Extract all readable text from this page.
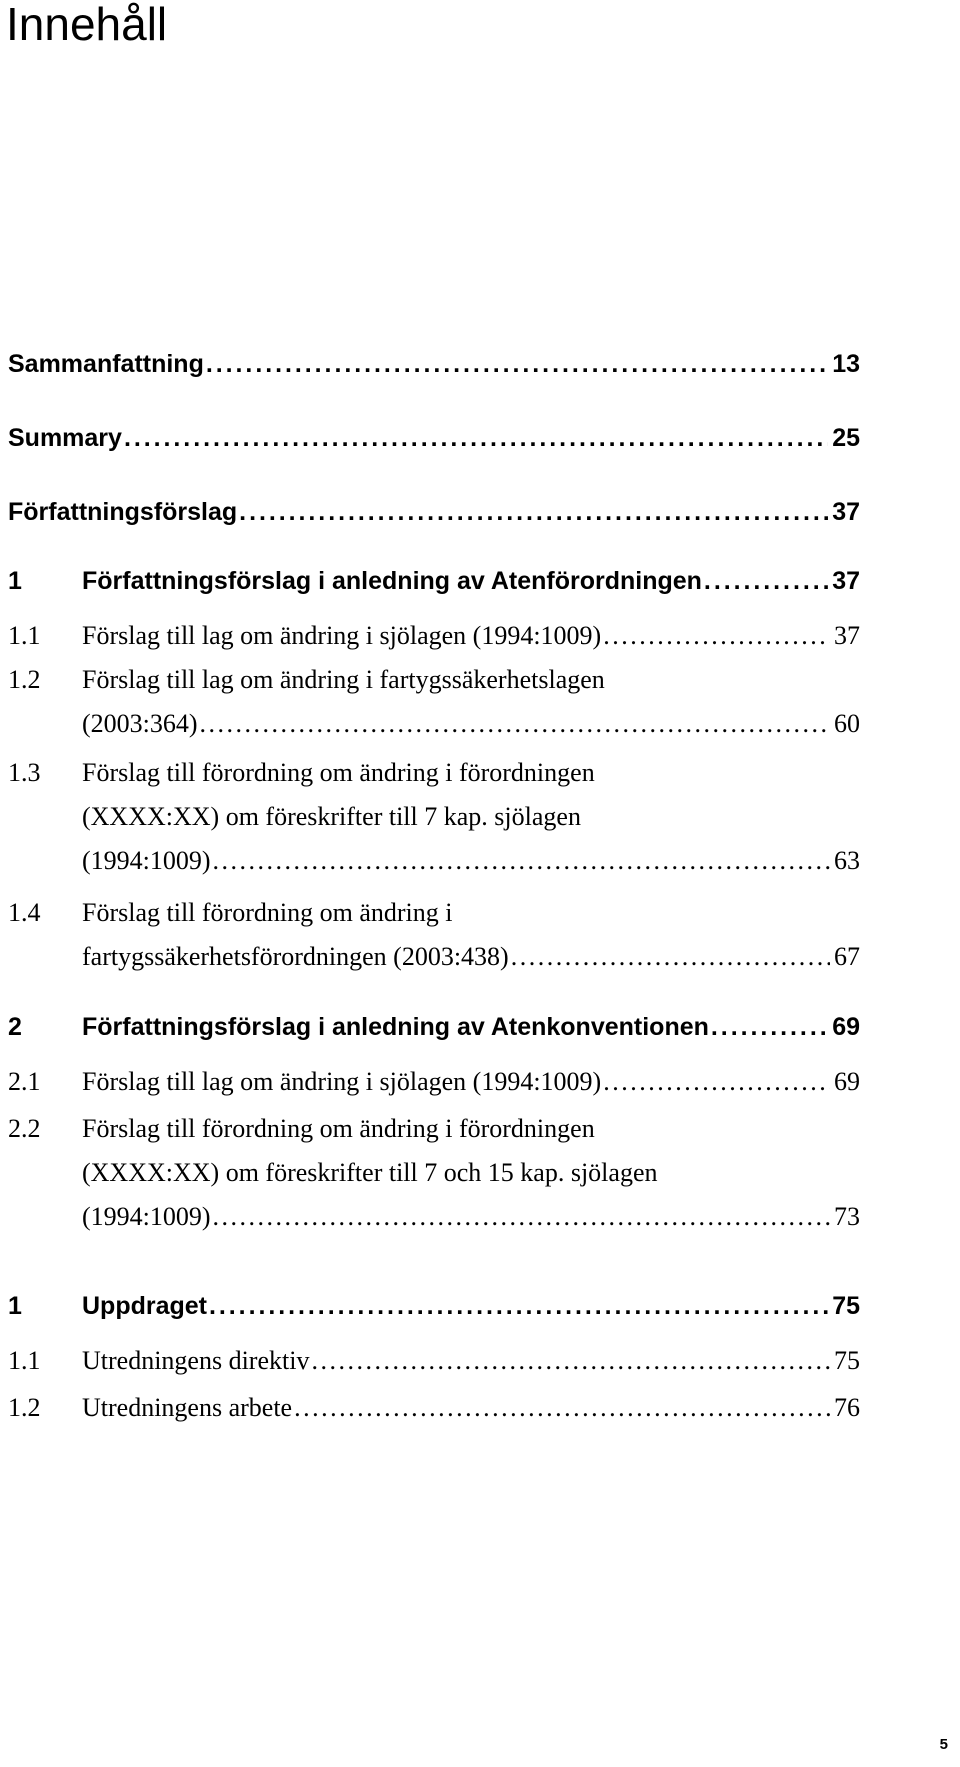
Innehåll
Sammanfattning . . .	13
Summary . . .	25
Författningsförslag . . .	37
1	Författningsförslag i anledning av Atenförordningen . . .	37
1.1	Förslag till lag om ändring i sjölagen (1994:1009) . . .	37
1.2	Förslag till lag om ändring i fartygssäkerhetslagen
(2003:364) . . .	60
1.3	Förslag till förordning om ändring i förordningen
(XXXX:XX) om föreskrifter till 7 kap. sjölagen
(1994:1009) . . .	63
1.4	Förslag till förordning om ändring i
fartygssäkerhetsförordningen (2003:438) . . .	67
2	Författningsförslag i anledning av Atenkonventionen . . .	69
2.1	Förslag till lag om ändring i sjölagen (1994:1009) . . .	69
2.2	Förslag till förordning om ändring i förordningen
(XXXX:XX) om föreskrifter till 7 och 15 kap. sjölagen
(1994:1009) . . .	73
1	Uppdraget . . .	75
1.1	Utredningens direktiv . . .	75
1.2	Utredningens arbete . . .	76
5
